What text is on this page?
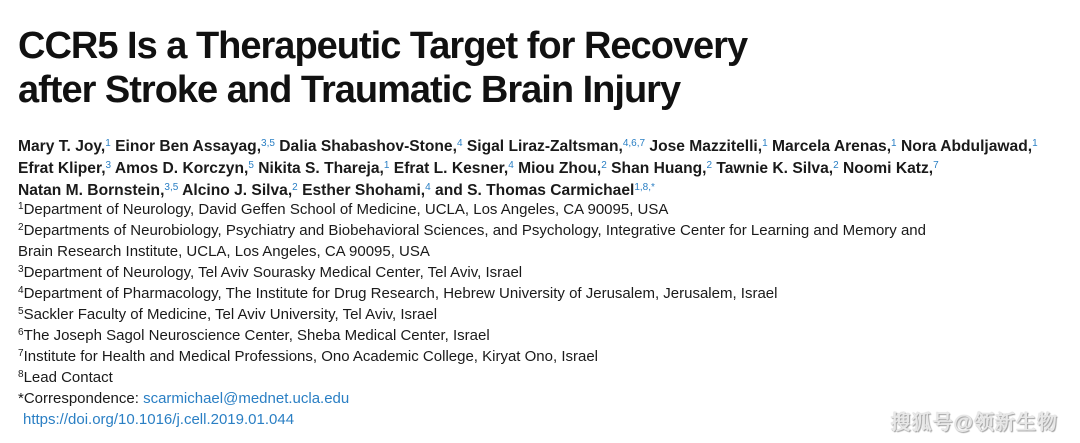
CCR5 Is a Therapeutic Target for Recovery
after Stroke and Traumatic Brain Injury
Mary T. Joy,$^1$ Einor Ben Assayag,$^{3,5}$ Dalia Shabashov-Stone,$^4$ Sigal Liraz-Zaltsman,$^{4,6,7}$ Jose Mazzitelli,$^1$ Marcela Arenas,$^1$ Nora Abduljawad,$^1$ Efrat Kliper,$^3$ Amos D. Korczyn,$^5$ Nikita S. Thareja,$^1$ Efrat L. Kesner,$^4$ Miou Zhou,$^2$ Shan Huang,$^2$ Tawnie K. Silva,$^2$ Noomi Katz,$^7$ Natan M. Bornstein,$^{3,5}$ Alcino J. Silva,$^2$ Esther Shohami,$^4$ and S. Thomas Carmichael$^{1,8,*}$
$^1$Department of Neurology, David Geffen School of Medicine, UCLA, Los Angeles, CA 90095, USA
$^2$Departments of Neurobiology, Psychiatry and Biobehavioral Sciences, and Psychology, Integrative Center for Learning and Memory and
Brain Research Institute, UCLA, Los Angeles, CA 90095, USA
$^3$Department of Neurology, Tel Aviv Sourasky Medical Center, Tel Aviv, Israel
$^4$Department of Pharmacology, The Institute for Drug Research, Hebrew University of Jerusalem, Jerusalem, Israel
$^5$Sackler Faculty of Medicine, Tel Aviv University, Tel Aviv, Israel
$^6$The Joseph Sagol Neuroscience Center, Sheba Medical Center, Israel
$^7$Institute for Health and Medical Professions, Ono Academic College, Kiryat Ono, Israel
$^8$Lead Contact
*Correspondence: scarmichael@mednet.ucla.edu
https://doi.org/10.1016/j.cell.2019.01.044	搜狐号@领新生物
